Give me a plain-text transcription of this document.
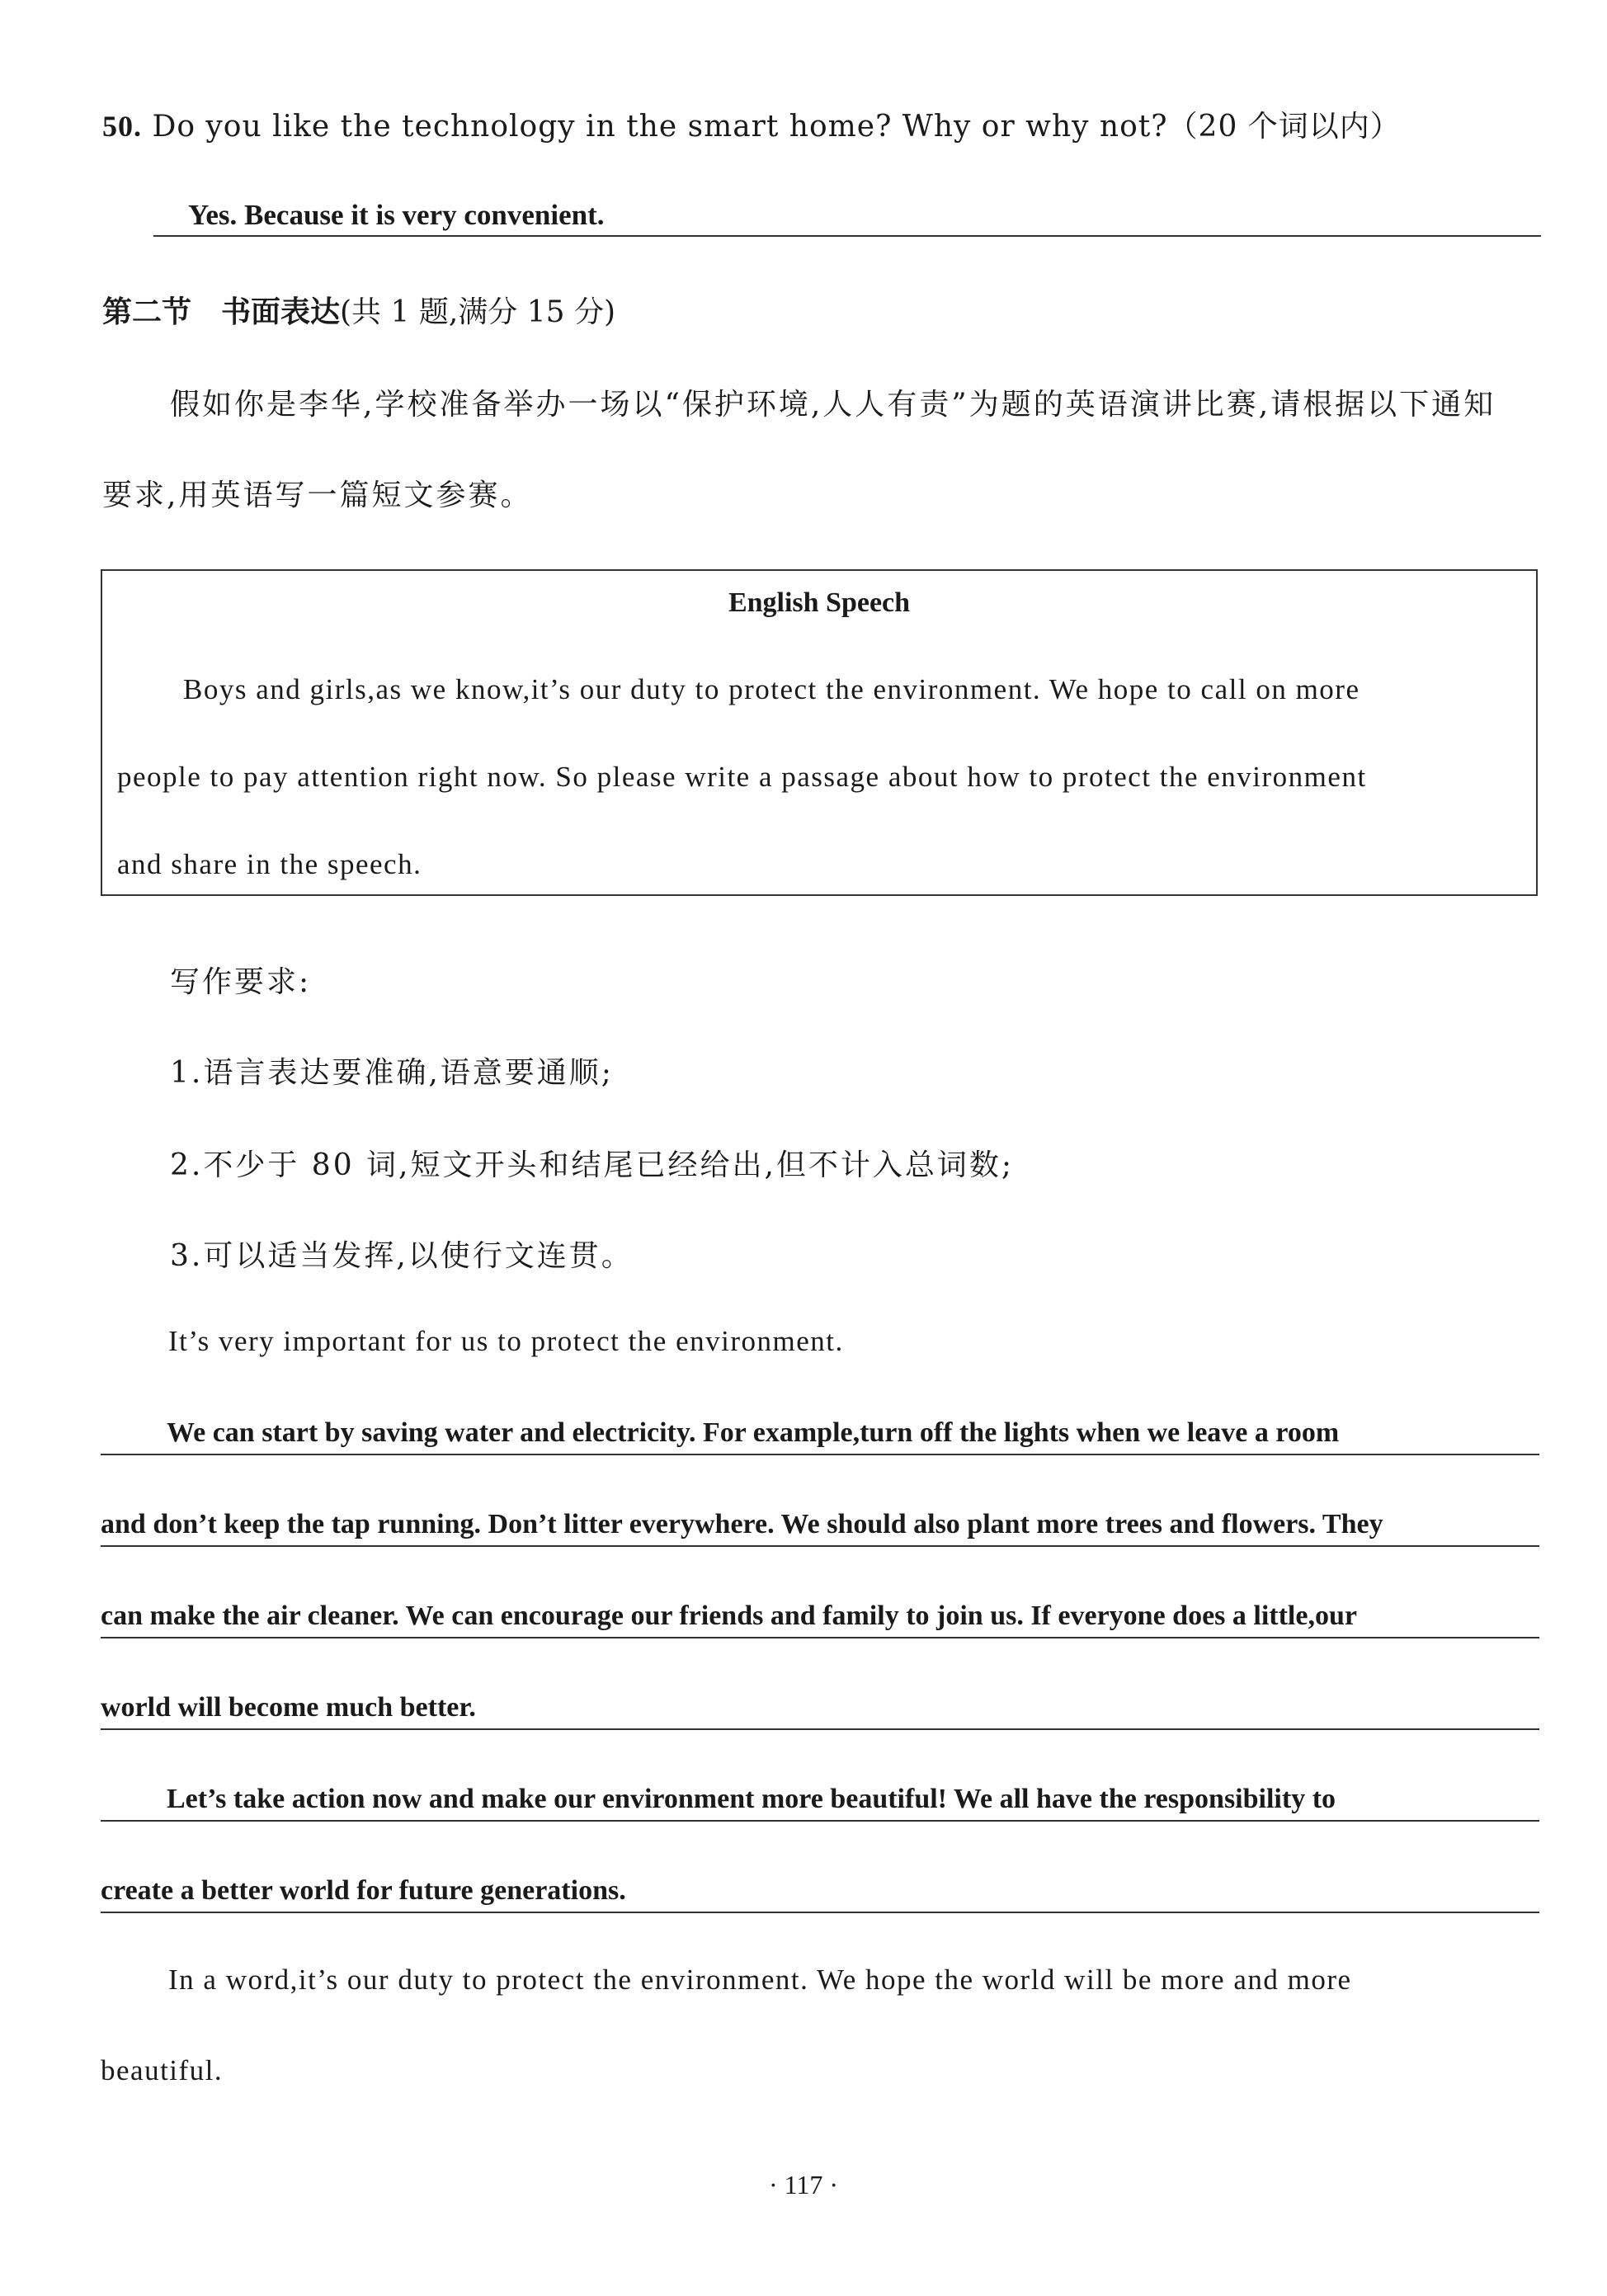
50. Do you like the technology in the smart home? Why or why not?（20 个词以内）
Yes. Because it is very convenient.
第二节　书面表达(共 1 题,满分 15 分)
假如你是李华,学校准备举办一场以“保护环境,人人有责”为题的英语演讲比赛,请根据以下通知
要求,用英语写一篇短文参赛。
English Speech
Boys and girls,as we know,it’s our duty to protect the environment. We hope to call on more
people to pay attention right now. So please write a passage about how to protect the environment
and share in the speech.
写作要求:
1.语言表达要准确,语意要通顺;
2.不少于 80 词,短文开头和结尾已经给出,但不计入总词数;
3.可以适当发挥,以使行文连贯。
It’s very important for us to protect the environment.
We can start by saving water and electricity. For example,turn off the lights when we leave a room
and don’t keep the tap running. Don’t litter everywhere. We should also plant more trees and flowers. They
can make the air cleaner. We can encourage our friends and family to join us. If everyone does a little,our
world will become much better.
Let’s take action now and make our environment more beautiful! We all have the responsibility to
create a better world for future generations.
In a word,it’s our duty to protect the environment. We hope the world will be more and more
beautiful.
· 117 ·
